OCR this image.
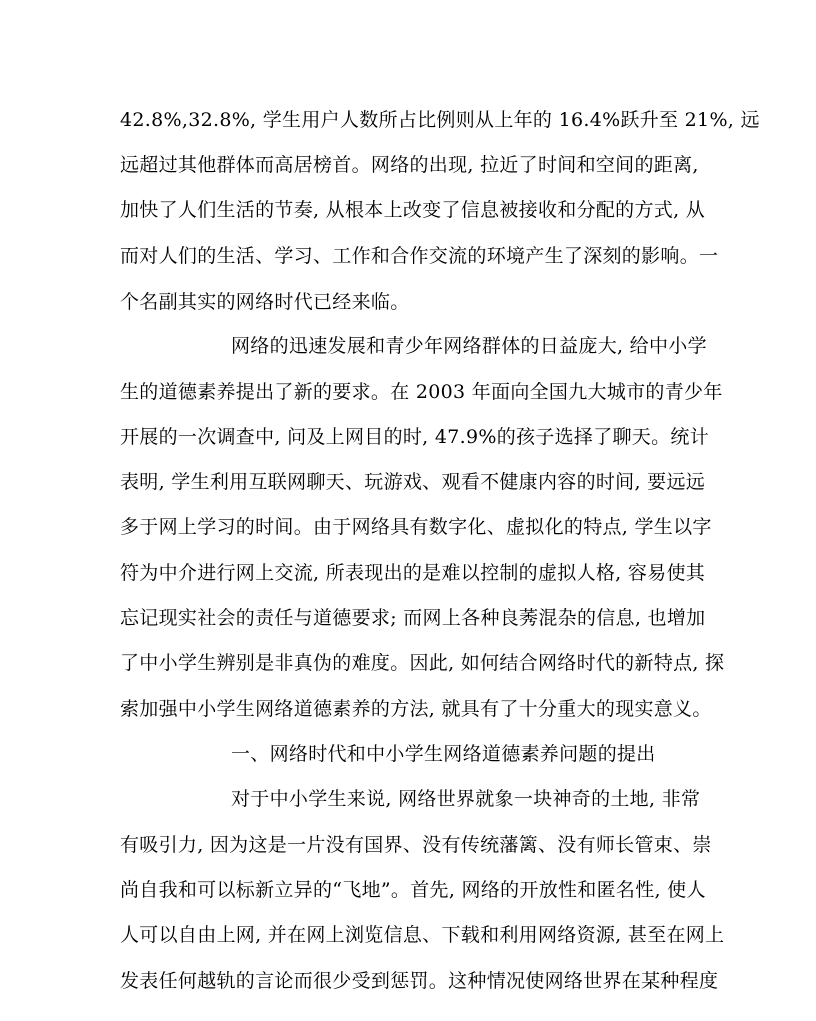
42.8%,32.8%, 学生用户人数所占比例则从上年的 16.4%跃升至 21%, 远
远超过其他群体而高居榜首。网络的出现, 拉近了时间和空间的距离,
加快了人们生活的节奏, 从根本上改变了信息被接收和分配的方式, 从
而对人们的生活、学习、工作和合作交流的环境产生了深刻的影响。一
个名副其实的网络时代已经来临。
网络的迅速发展和青少年网络群体的日益庞大, 给中小学
生的道德素养提出了新的要求。在 2003 年面向全国九大城市的青少年
开展的一次调查中, 问及上网目的时, 47.9%的孩子选择了聊天。统计
表明, 学生利用互联网聊天、玩游戏、观看不健康内容的时间, 要远远
多于网上学习的时间。由于网络具有数字化、虚拟化的特点, 学生以字
符为中介进行网上交流, 所表现出的是难以控制的虚拟人格, 容易使其
忘记现实社会的责任与道德要求; 而网上各种良莠混杂的信息, 也增加
了中小学生辨别是非真伪的难度。因此, 如何结合网络时代的新特点, 探
索加强中小学生网络道德素养的方法, 就具有了十分重大的现实意义。
一、网络时代和中小学生网络道德素养问题的提出
对于中小学生来说, 网络世界就象一块神奇的土地, 非常
有吸引力, 因为这是一片没有国界、没有传统藩篱、没有师长管束、崇
尚自我和可以标新立异的“飞地”。首先, 网络的开放性和匿名性, 使人
人可以自由上网, 并在网上浏览信息、下载和利用网络资源, 甚至在网上
发表任何越轨的言论而很少受到惩罚。这种情况使网络世界在某种程度
